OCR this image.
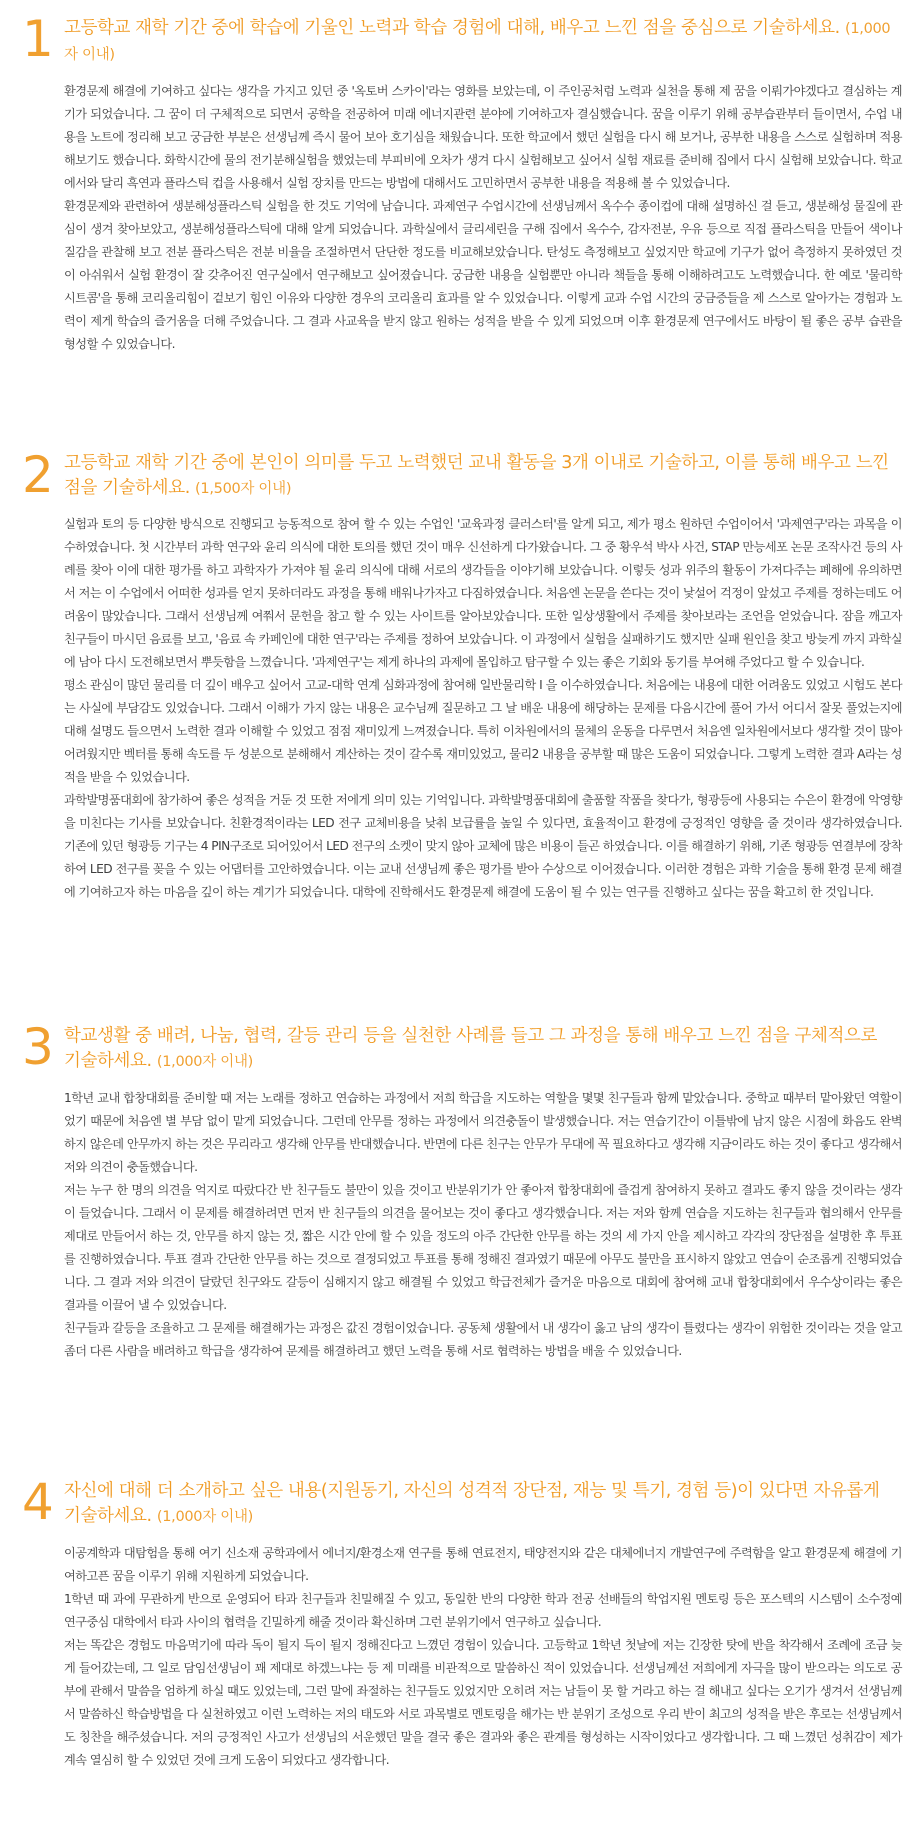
1 고등학교 재학 기간 중에 학습에 기울인 노력과 학습 경험에 대해, 배우고 느낀 점을 중심으로 기술하세요. (1,000자 이내)

환경문제 해결에 기여하고 싶다는 생각을 가지고 있던 중 '옥토버 스카이'라는 영화를 보았는데, 이 주인공처럼 노력과 실천을 통해 제 꿈을 이뤄가야겠다고 결심하는 계기가 되었습니다. 그 꿈이 더 구체적으로 되면서 공학을 전공하여 미래 에너지관련 분야에 기여하고자 결심했습니다. 꿈을 이루기 위해 공부습관부터 들이면서, 수업 내용을 노트에 정리해 보고 궁금한 부분은 선생님께 즉시 물어 보아 호기심을 채웠습니다. 또한 학교에서 했던 실험을 다시 해 보거나, 공부한 내용을 스스로 실험하며 적용해보기도 했습니다. 화학시간에 물의 전기분해실험을 했었는데 부피비에 오차가 생겨 다시 실험해보고 싶어서 실험 재료를 준비해 집에서 다시 실험해 보았습니다. 학교에서와 달리 흑연과 플라스틱 컵을 사용해서 실험 장치를 만드는 방법에 대해서도 고민하면서 공부한 내용을 적용해 볼 수 있었습니다.

환경문제와 관련하여 생분해성플라스틱 실험을 한 것도 기억에 남습니다. 과제연구 수업시간에 선생님께서 옥수수 종이컵에 대해 설명하신 걸 듣고, 생분해성 물질에 관심이 생겨 찾아보았고, 생분해성플라스틱에 대해 알게 되었습니다. 과학실에서 글리세린을 구해 집에서 옥수수, 감자전분, 우유 등으로 직접 플라스틱을 만들어 색이나 질감을 관찰해 보고 전분 플라스틱은 전분 비율을 조절하면서 단단한 정도를 비교해보았습니다. 탄성도 측정해보고 싶었지만 학교에 기구가 없어 측정하지 못하였던 것이 아쉬워서 실험 환경이 잘 갖추어진 연구실에서 연구해보고 싶어졌습니다. 궁금한 내용을 실험뿐만 아니라 책들을 통해 이해하려고도 노력했습니다. 한 예로 '물리학 시트콤'을 통해 코리올리힘이 겉보기 힘인 이유와 다양한 경우의 코리올리 효과를 알 수 있었습니다. 이렇게 교과 수업 시간의 궁금증들을 제 스스로 알아가는 경험과 노력이 제게 학습의 즐거움을 더해 주었습니다. 그 결과 사교육을 받지 않고 원하는 성적을 받을 수 있게 되었으며 이후 환경문제 연구에서도 바탕이 될 좋은 공부 습관을 형성할 수 있었습니다.

2 고등학교 재학 기간 중에 본인이 의미를 두고 노력했던 교내 활동을 3개 이내로 기술하고, 이를 통해 배우고 느낀 점을 기술하세요. (1,500자 이내)

실험과 토의 등 다양한 방식으로 진행되고 능동적으로 참여 할 수 있는 수업인 '교육과정 클러스터'를 알게 되고, 제가 평소 원하던 수업이어서 '과제연구'라는 과목을 이수하였습니다. 첫 시간부터 과학 연구와 윤리 의식에 대한 토의를 했던 것이 매우 신선하게 다가왔습니다. 그 중 황우석 박사 사건, STAP 만능세포 논문 조작사건 등의 사례를 찾아 이에 대한 평가를 하고 과학자가 가져야 될 윤리 의식에 대해 서로의 생각들을 이야기해 보았습니다. 이렇듯 성과 위주의 활동이 가져다주는 폐해에 유의하면서 저는 이 수업에서 어떠한 성과를 얻지 못하더라도 과정을 통해 배워나가자고 다짐하였습니다. 처음엔 논문을 쓴다는 것이 낯설어 걱정이 앞섰고 주제를 정하는데도 어려움이 많았습니다. 그래서 선생님께 여쭤서 문헌을 참고 할 수 있는 사이트를 알아보았습니다. 또한 일상생활에서 주제를 찾아보라는 조언을 얻었습니다. 잠을 깨고자 친구들이 마시던 음료를 보고, '음료 속 카페인에 대한 연구'라는 주제를 정하여 보았습니다. 이 과정에서 실험을 실패하기도 했지만 실패 원인을 찾고 방늦게 까지 과학실에 남아 다시 도전해보면서 뿌듯함을 느꼈습니다. '과제연구'는 제게 하나의 과제에 몰입하고 탐구할 수 있는 좋은 기회와 동기를 부여해 주었다고 할 수 있습니다.

평소 관심이 많던 물리를 더 깊이 배우고 싶어서 고교-대학 연계 심화과정에 참여해 일반물리학 I 을 이수하였습니다. 처음에는 내용에 대한 어려움도 있었고 시험도 본다는 사실에 부담감도 있었습니다. 그래서 이해가 가지 않는 내용은 교수님께 질문하고 그 날 배운 내용에 해당하는 문제를 다음시간에 풀어 가서 어디서 잘못 풀었는지에 대해 설명도 들으면서 노력한 결과 이해할 수 있었고 점점 재미있게 느껴졌습니다. 특히 이차원에서의 물체의 운동을 다루면서 처음엔 일차원에서보다 생각할 것이 많아 어려웠지만 벡터를 통해 속도를 두 성분으로 분해해서 계산하는 것이 갈수록 재미있었고, 물리2 내용을 공부할 때 많은 도움이 되었습니다. 그렇게 노력한 결과 A라는 성적을 받을 수 있었습니다.

과학발명품대회에 참가하여 좋은 성적을 거둔 것 또한 저에게 의미 있는 기억입니다. 과학발명품대회에 출품할 작품을 찾다가, 형광등에 사용되는 수은이 환경에 악영향을 미친다는 기사를 보았습니다. 친환경적이라는 LED 전구 교체비용을 낮춰 보급률을 높일 수 있다면, 효율적이고 환경에 긍정적인 영향을 줄 것이라 생각하였습니다. 기존에 있던 형광등 기구는 4 PIN구조로 되어있어서 LED 전구의 소켓이 맞지 않아 교체에 많은 비용이 들곤 하였습니다. 이를 해결하기 위해, 기존 형광등 연결부에 장착하여 LED 전구를 꽂을 수 있는 어댑터를 고안하였습니다. 이는 교내 선생님께 좋은 평가를 받아 수상으로 이어졌습니다. 이러한 경험은 과학 기술을 통해 환경 문제 해결에 기여하고자 하는 마음을 깊이 하는 계기가 되었습니다. 대학에 진학해서도 환경문제 해결에 도움이 될 수 있는 연구를 진행하고 싶다는 꿈을 확고히 한 것입니다.

3 학교생활 중 배려, 나눔, 협력, 갈등 관리 등을 실천한 사례를 들고 그 과정을 통해 배우고 느낀 점을 구체적으로 기술하세요. (1,000자 이내)

1학년 교내 합창대회를 준비할 때 저는 노래를 정하고 연습하는 과정에서 저희 학급을 지도하는 역할을 몇몇 친구들과 함께 맡았습니다. 중학교 때부터 맡아왔던 역할이었기 때문에 처음엔 별 부담 없이 맡게 되었습니다. 그런데 안무를 정하는 과정에서 의견충돌이 발생했습니다. 저는 연습기간이 이틀밖에 남지 않은 시점에 화음도 완벽하지 않은데 안무까지 하는 것은 무리라고 생각해 안무를 반대했습니다. 반면에 다른 친구는 안무가 무대에 꼭 필요하다고 생각해 지금이라도 하는 것이 좋다고 생각해서 저와 의견이 충돌했습니다.

저는 누구 한 명의 의견을 억지로 따랐다간 반 친구들도 불만이 있을 것이고 반분위기가 안 좋아져 합창대회에 즐겁게 참여하지 못하고 결과도 좋지 않을 것이라는 생각이 들었습니다. 그래서 이 문제를 해결하려면 먼저 반 친구들의 의견을 물어보는 것이 좋다고 생각했습니다. 저는 저와 함께 연습을 지도하는 친구들과 협의해서 안무를 제대로 만들어서 하는 것, 안무를 하지 않는 것, 짧은 시간 안에 할 수 있을 정도의 아주 간단한 안무를 하는 것의 세 가지 안을 제시하고 각각의 장단점을 설명한 후 투표를 진행하였습니다. 투표 결과 간단한 안무를 하는 것으로 결정되었고 투표를 통해 정해진 결과였기 때문에 아무도 불만을 표시하지 않았고 연습이 순조롭게 진행되었습니다. 그 결과 저와 의견이 달랐던 친구와도 갈등이 심해지지 않고 해결될 수 있었고 학급전체가 즐거운 마음으로 대회에 참여해 교내 합창대회에서 우수상이라는 좋은 결과를 이끌어 낼 수 있었습니다.

친구들과 갈등을 조율하고 그 문제를 해결해가는 과정은 값진 경험이었습니다. 공동체 생활에서 내 생각이 옳고 남의 생각이 틀렸다는 생각이 위험한 것이라는 것을 알고 좀더 다른 사람을 배려하고 학급을 생각하여 문제를 해결하려고 했던 노력을 통해 서로 협력하는 방법을 배울 수 있었습니다.

4 자신에 대해 더 소개하고 싶은 내용(지원동기, 자신의 성격적 장단점, 재능 및 특기, 경험 등)이 있다면 자유롭게 기술하세요. (1,000자 이내)

이공계학과 대탐험을 통해 여기 신소재 공학과에서 에너지/환경소재 연구를 통해 연료전지, 태양전지와 같은 대체에너지 개발연구에 주력함을 알고 환경문제 해결에 기여하고픈 꿈을 이루기 위해 지원하게 되었습니다.

1학년 때 과에 무관하게 반으로 운영되어 타과 친구들과 친밀해질 수 있고, 동일한 반의 다양한 학과 전공 선배들의 학업지원 멘토링 등은 포스텍의 시스템이 소수정예 연구중심 대학에서 타과 사이의 협력을 긴밀하게 해줄 것이라 확신하며 그런 분위기에서 연구하고 싶습니다.

저는 똑같은 경험도 마음먹기에 따라 독이 될지 득이 될지 정해진다고 느꼈던 경험이 있습니다. 고등학교 1학년 첫날에 저는 긴장한 탓에 반을 착각해서 조례에 조금 늦게 들어갔는데, 그 일로 담임선생님이 꽤 제대로 하겠느냐는 등 제 미래를 비관적으로 말씀하신 적이 있었습니다. 선생님께선 저희에게 자극을 많이 받으라는 의도로 공부에 관해서 말씀을 엄하게 하실 때도 있었는데, 그런 말에 좌절하는 친구들도 있었지만 오히려 저는 남들이 못 할 거라고 하는 걸 해내고 싶다는 오기가 생겨서 선생님께서 말씀하신 학습방법을 다 실천하였고 이런 노력하는 저의 태도와 서로 과목별로 멘토링을 해가는 반 분위기 조성으로 우리 반이 최고의 성적을 받은 후로는 선생님께서도 칭찬을 해주셨습니다. 저의 긍정적인 사고가 선생님의 서운했던 말을 결국 좋은 결과와 좋은 관계를 형성하는 시작이었다고 생각합니다. 그 때 느꼈던 성취감이 제가 계속 열심히 할 수 있었던 것에 크게 도움이 되었다고 생각합니다.
